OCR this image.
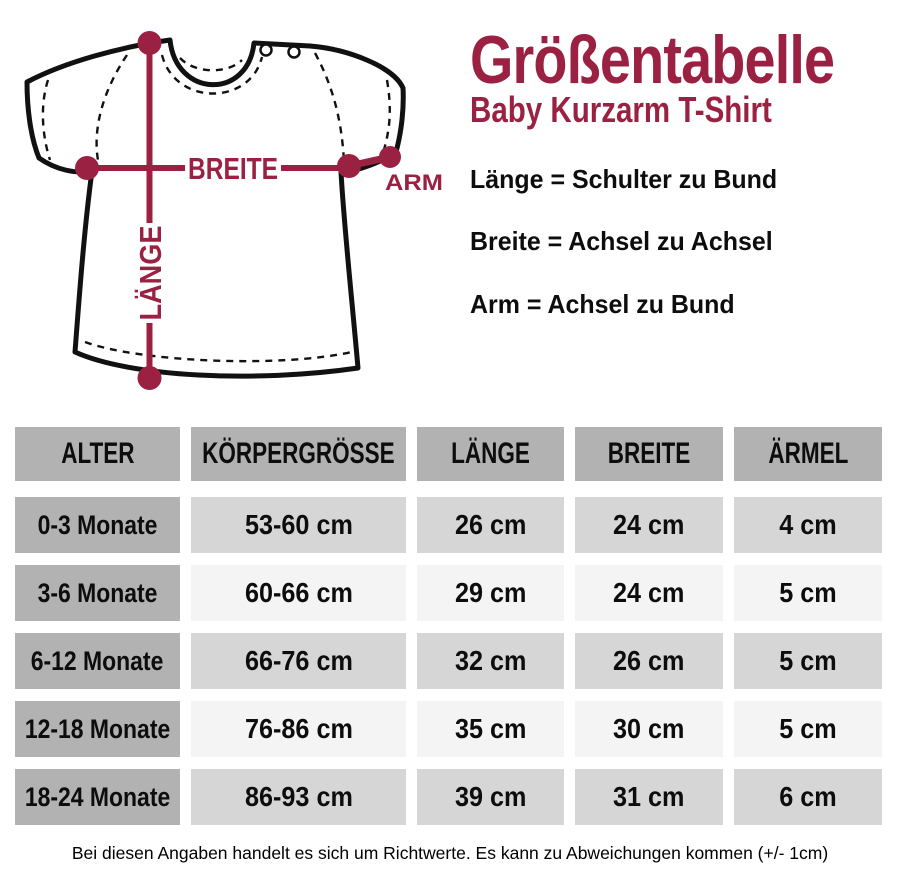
BREITE
LÄNGE
ARM
Größentabelle
Baby Kurzarm T-Shirt
Länge = Schulter zu Bund
Breite = Achsel zu Achsel
Arm = Achsel zu Bund
ALTER KÖRPERGRÖSSE LÄNGE	BREITE	ÄRMEL
0-3 Monate	53-60 cm	26 cm	24 cm	4 cm
3-6 Monate	60-66 cm	29 cm	24 cm	5 cm
6-12 Monate	66-76 cm	32 cm	26 cm	5 cm
12-18 Monate	76-86 cm	35 cm	30 cm	5 cm
18-24 Monate	86-93 cm	39 cm	31 cm	6 cm
Bei diesen Angaben handelt es sich um Richtwerte. Es kann zu Abweichungen kommen (+/- 1cm)
